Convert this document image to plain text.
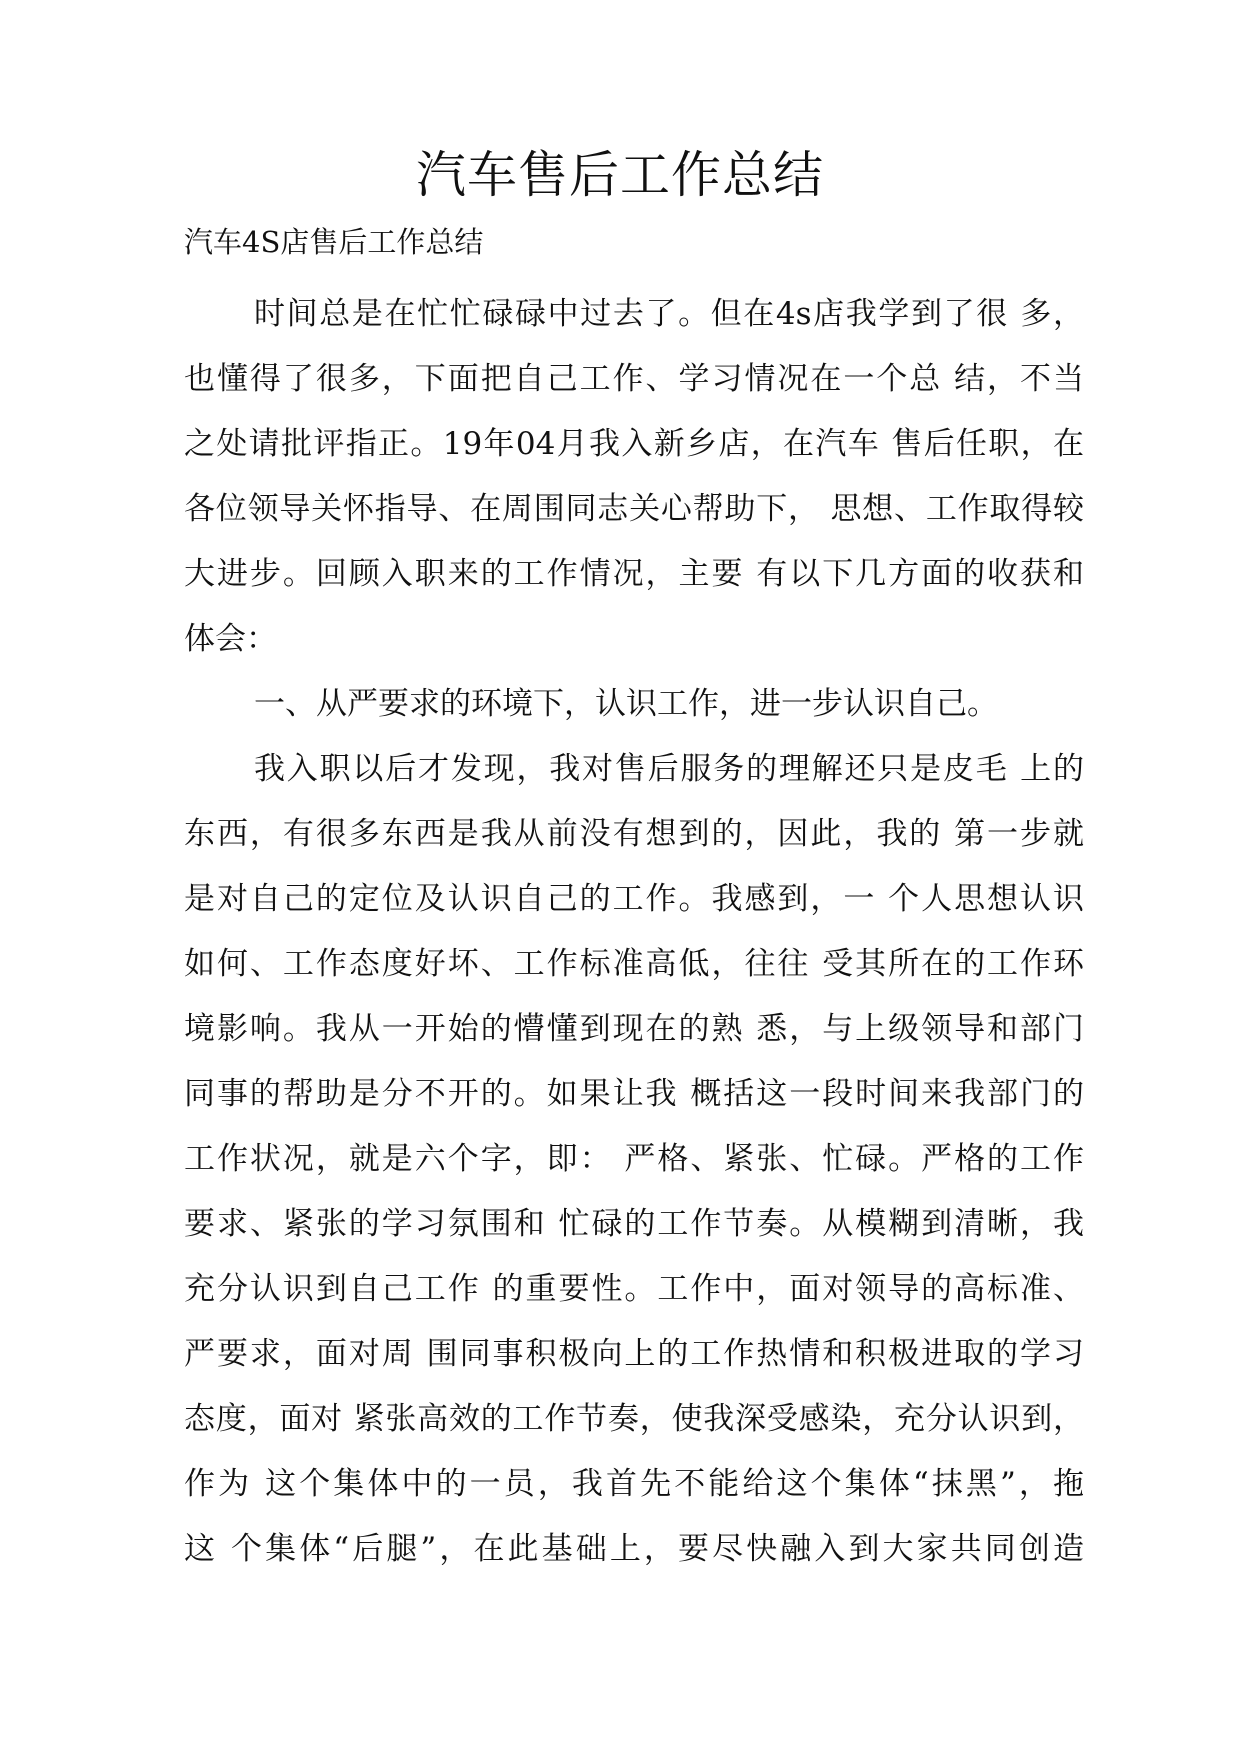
汽车售后工作总结
汽车4S店售后工作总结
时间总是在忙忙碌碌中过去了。但在4s店我学到了很 多，
也懂得了很多，下面把自己工作、学习情况在一个总 结，不当
之处请批评指正。19年04月我入新乡店，在汽车 售后任职，在
各位领导关怀指导、在周围同志关心帮助下， 思想、工作取得较
大进步。回顾入职来的工作情况，主要 有以下几方面的收获和
体会：
一、从严要求的环境下，认识工作，进一步认识自己。
我入职以后才发现，我对售后服务的理解还只是皮毛 上的
东西，有很多东西是我从前没有想到的，因此，我的 第一步就
是对自己的定位及认识自己的工作。我感到，一 个人思想认识
如何、工作态度好坏、工作标准高低，往往 受其所在的工作环
境影响。我从一开始的懵懂到现在的熟 悉，与上级领导和部门
同事的帮助是分不开的。如果让我 概括这一段时间来我部门的
工作状况，就是六个字，即： 严格、紧张、忙碌。严格的工作
要求、紧张的学习氛围和 忙碌的工作节奏。从模糊到清晰，我
充分认识到自己工作 的重要性。工作中，面对领导的高标准、
严要求，面对周 围同事积极向上的工作热情和积极进取的学习
态度，面对 紧张高效的工作节奏，使我深受感染，充分认识到，
作为 这个集体中的一员，我首先不能给这个集体“抹黑”，拖
这 个集体“后腿”，在此基础上，要尽快融入到大家共同创造
